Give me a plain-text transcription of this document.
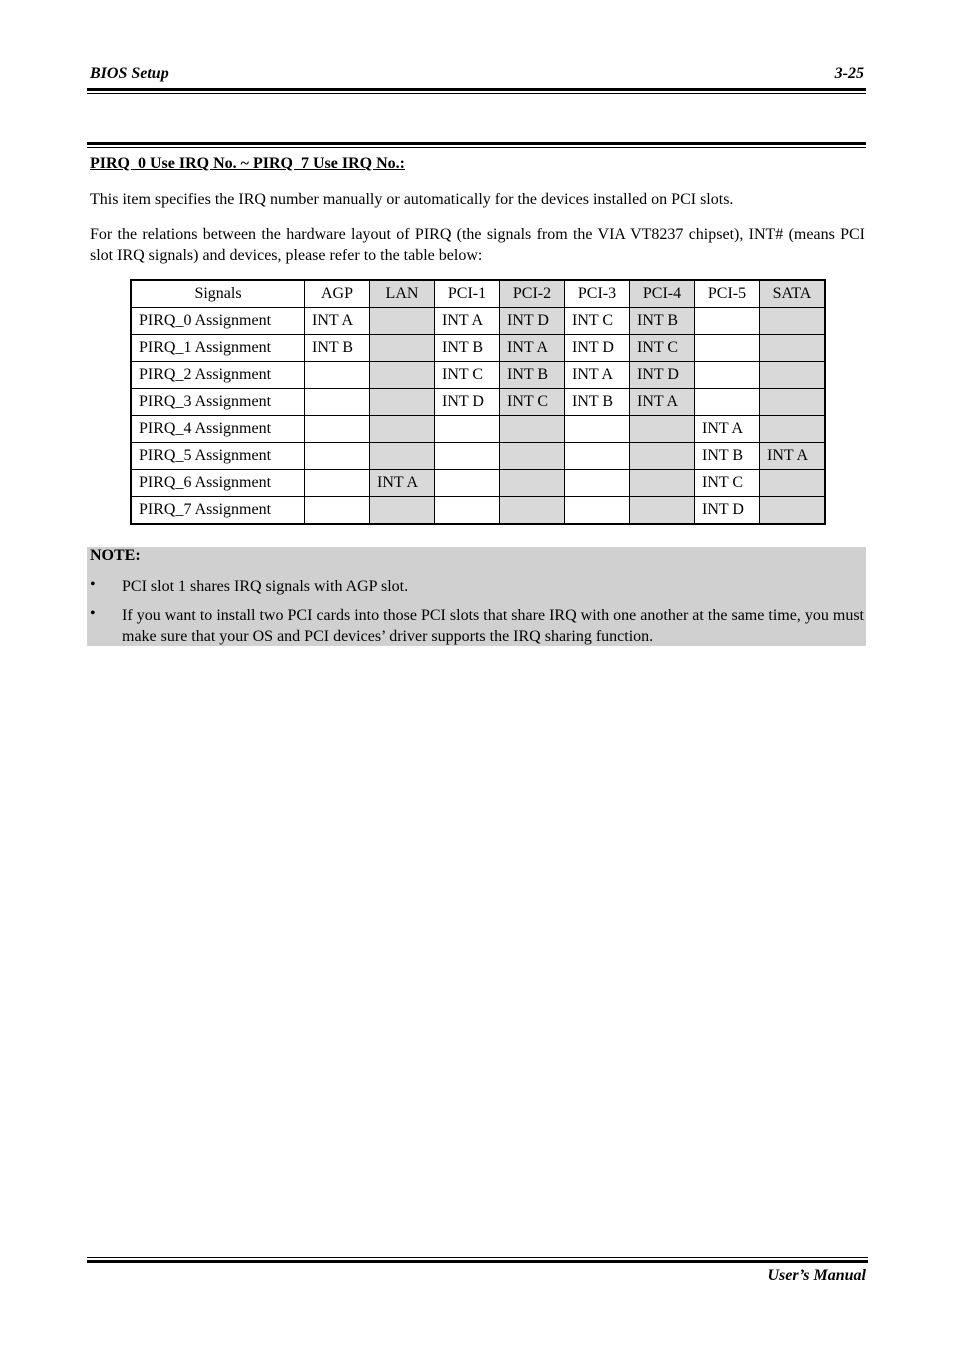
BIOS Setup	3-25
PIRQ  0 Use IRQ No. ~ PIRQ  7 Use IRQ No.:
This item specifies the IRQ number manually or automatically for the devices installed on PCI slots.
For the relations between the hardware layout of PIRQ (the signals from the VIA VT8237 chipset), INT# (means PCI slot IRQ signals) and devices, please refer to the table below:
Signals	AGP	LAN	PCI-1	PCI-2	PCI-3	PCI-4	PCI-5	SATA
PIRQ_0 Assignment	INT A		INT A	INT D	INT C	INT B		
PIRQ_1 Assignment	INT B		INT B	INT A	INT D	INT C		
PIRQ_2 Assignment			INT C	INT B	INT A	INT D		
PIRQ_3 Assignment			INT D	INT C	INT B	INT A		
PIRQ_4 Assignment							INT A	
PIRQ_5 Assignment							INT B	INT A
PIRQ_6 Assignment		INT A					INT C	
PIRQ_7 Assignment							INT D	
NOTE:
• PCI slot 1 shares IRQ signals with AGP slot.
• If you want to install two PCI cards into those PCI slots that share IRQ with one another at the same time, you must make sure that your OS and PCI devices’ driver supports the IRQ sharing function.
User’s Manual
